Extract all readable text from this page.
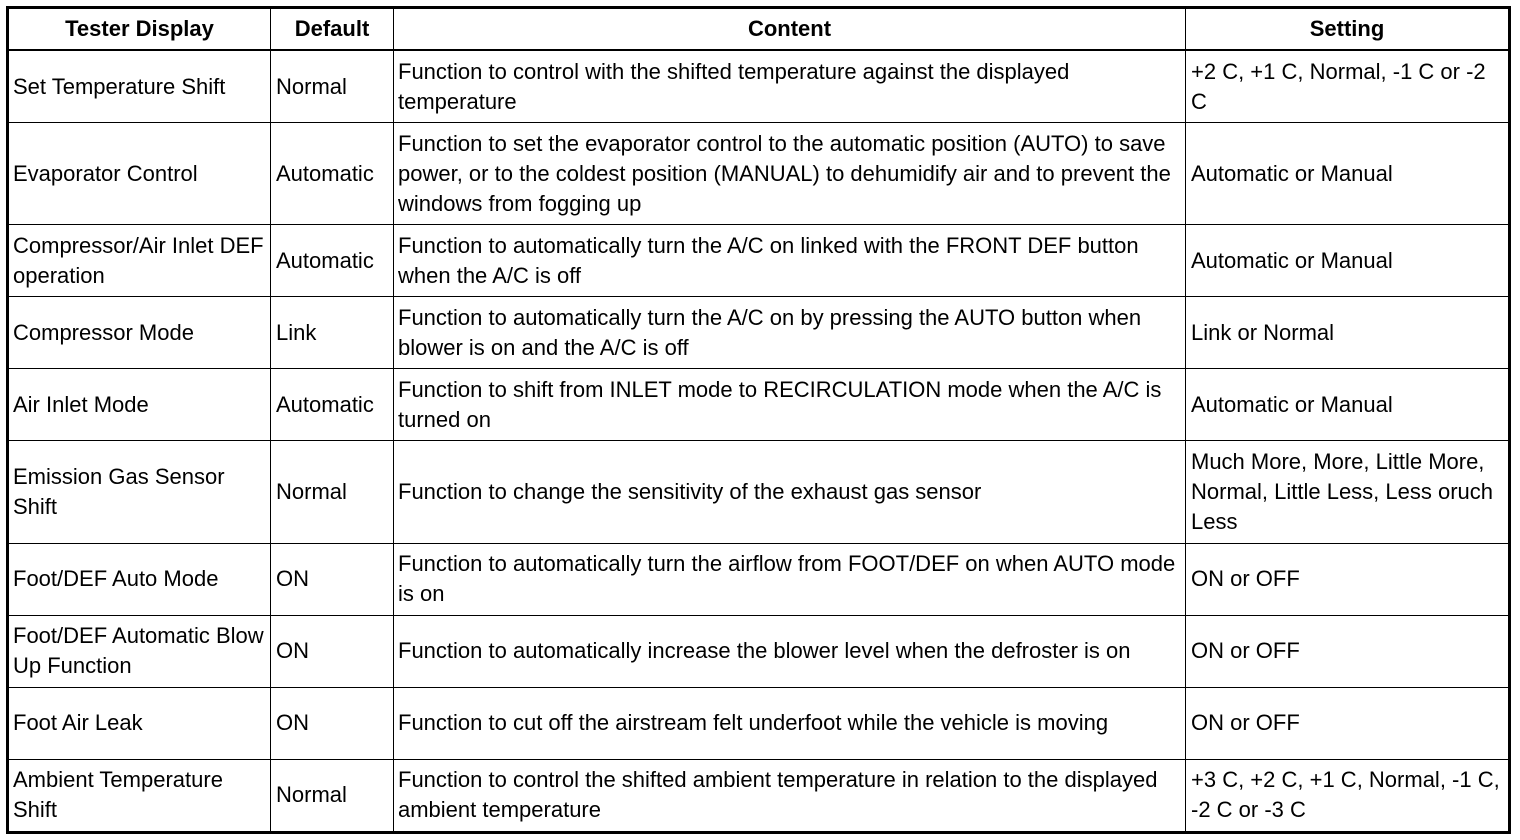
Tester Display	Default	Content	Setting
Set Temperature Shift	Normal	Function to control with the shifted temperature against the displayed temperature	+2 C, +1 C, Normal, -1 C or -2 C
Evaporator Control	Automatic	Function to set the evaporator control to the automatic position (AUTO) to save power, or to the coldest position (MANUAL) to dehumidify air and to prevent the windows from fogging up	Automatic or Manual
Compressor/Air Inlet DEF operation	Automatic	Function to automatically turn the A/C on linked with the FRONT DEF button when the A/C is off	Automatic or Manual
Compressor Mode	Link	Function to automatically turn the A/C on by pressing the AUTO button when blower is on and the A/C is off	Link or Normal
Air Inlet Mode	Automatic	Function to shift from INLET mode to RECIRCULATION mode when the A/C is turned on	Automatic or Manual
Emission Gas Sensor Shift	Normal	Function to change the sensitivity of the exhaust gas sensor	Much More, More, Little More, Normal, Little Less, Less oruch Less
Foot/DEF Auto Mode	ON	Function to automatically turn the airflow from FOOT/DEF on when AUTO mode is on	ON or OFF
Foot/DEF Automatic Blow Up Function	ON	Function to automatically increase the blower level when the defroster is on	ON or OFF
Foot Air Leak	ON	Function to cut off the airstream felt underfoot while the vehicle is moving	ON or OFF
Ambient Temperature Shift	Normal	Function to control the shifted ambient temperature in relation to the displayed ambient temperature	+3 C, +2 C, +1 C, Normal, -1 C, -2 C or -3 C
